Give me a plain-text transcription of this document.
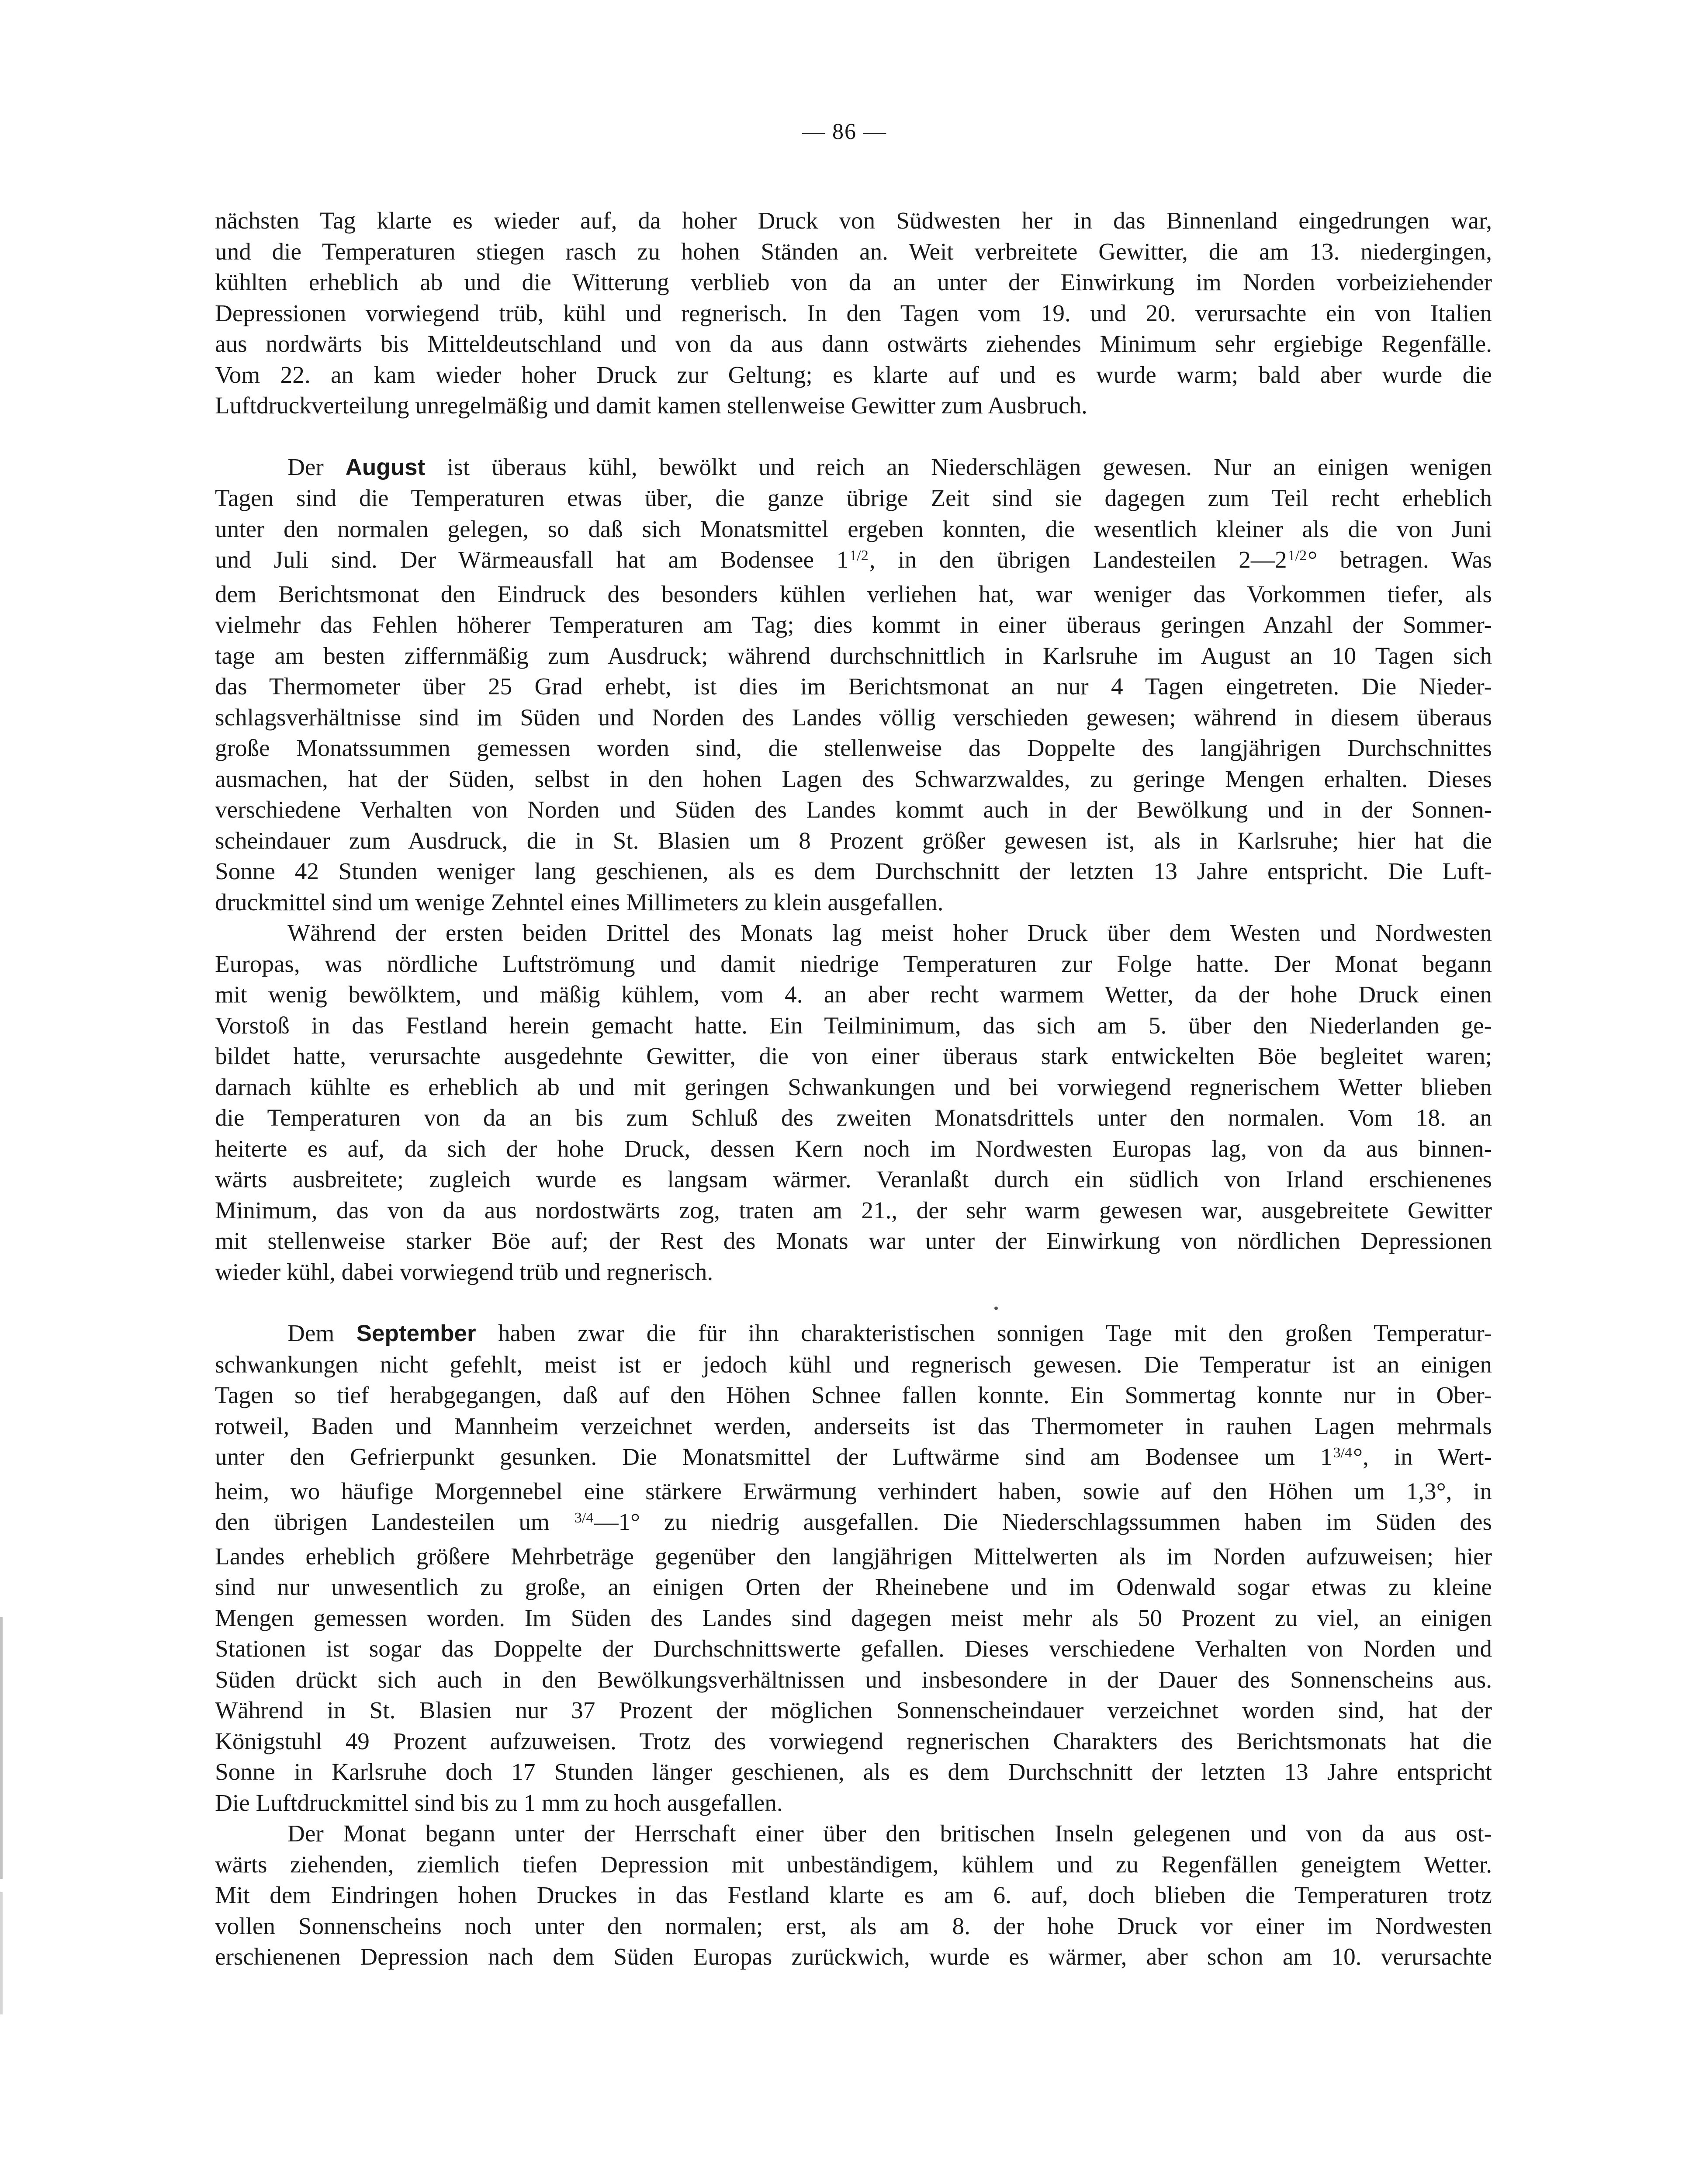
— 86 —
nächsten Tag klarte es wieder auf, da hoher Druck von Südwesten her in das Binnenland eingedrungen war,
und die Temperaturen stiegen rasch zu hohen Ständen an. Weit verbreitete Gewitter, die am 13. niedergingen,
kühlten erheblich ab und die Witterung verblieb von da an unter der Einwirkung im Norden vorbeiziehender
Depressionen vorwiegend trüb, kühl und regnerisch. In den Tagen vom 19. und 20. verursachte ein von Italien
aus nordwärts bis Mitteldeutschland und von da aus dann ostwärts ziehendes Minimum sehr ergiebige Regenfälle.
Vom 22. an kam wieder hoher Druck zur Geltung; es klarte auf und es wurde warm; bald aber wurde die
Luftdruckverteilung unregelmäßig und damit kamen stellenweise Gewitter zum Ausbruch.
Der August ist überaus kühl, bewölkt und reich an Niederschlägen gewesen. Nur an einigen wenigen
Tagen sind die Temperaturen etwas über, die ganze übrige Zeit sind sie dagegen zum Teil recht erheblich
unter den normalen gelegen, so daß sich Monatsmittel ergeben konnten, die wesentlich kleiner als die von Juni
und Juli sind. Der Wärmeausfall hat am Bodensee $1^{1/2}$, in den übrigen Landesteilen $2—2^{1/2}^\circ$ betragen. Was
dem Berichtsmonat den Eindruck des besonders kühlen verliehen hat, war weniger das Vorkommen tiefer, als
vielmehr das Fehlen höherer Temperaturen am Tag; dies kommt in einer überaus geringen Anzahl der Sommer-
tage am besten ziffernmäßig zum Ausdruck; während durchschnittlich in Karlsruhe im August an 10 Tagen sich
das Thermometer über 25 Grad erhebt, ist dies im Berichtsmonat an nur 4 Tagen eingetreten. Die Nieder-
schlagsverhältnisse sind im Süden und Norden des Landes völlig verschieden gewesen; während in diesem überaus
große Monatssummen gemessen worden sind, die stellenweise das Doppelte des langjährigen Durchschnittes
ausmachen, hat der Süden, selbst in den hohen Lagen des Schwarzwaldes, zu geringe Mengen erhalten. Dieses
verschiedene Verhalten von Norden und Süden des Landes kommt auch in der Bewölkung und in der Sonnen-
scheindauer zum Ausdruck, die in St. Blasien um 8 Prozent größer gewesen ist, als in Karlsruhe; hier hat die
Sonne 42 Stunden weniger lang geschienen, als es dem Durchschnitt der letzten 13 Jahre entspricht. Die Luft-
druckmittel sind um wenige Zehntel eines Millimeters zu klein ausgefallen.
Während der ersten beiden Drittel des Monats lag meist hoher Druck über dem Westen und Nordwesten
Europas, was nördliche Luftströmung und damit niedrige Temperaturen zur Folge hatte. Der Monat begann
mit wenig bewölktem, und mäßig kühlem, vom 4. an aber recht warmem Wetter, da der hohe Druck einen
Vorstoß in das Festland herein gemacht hatte. Ein Teilminimum, das sich am 5. über den Niederlanden ge-
bildet hatte, verursachte ausgedehnte Gewitter, die von einer überaus stark entwickelten Böe begleitet waren;
darnach kühlte es erheblich ab und mit geringen Schwankungen und bei vorwiegend regnerischem Wetter blieben
die Temperaturen von da an bis zum Schluß des zweiten Monatsdrittels unter den normalen. Vom 18. an
heiterte es auf, da sich der hohe Druck, dessen Kern noch im Nordwesten Europas lag, von da aus binnen-
wärts ausbreitete; zugleich wurde es langsam wärmer. Veranlaßt durch ein südlich von Irland erschienenes
Minimum, das von da aus nordostwärts zog, traten am 21., der sehr warm gewesen war, ausgebreitete Gewitter
mit stellenweise starker Böe auf; der Rest des Monats war unter der Einwirkung von nördlichen Depressionen
wieder kühl, dabei vorwiegend trüb und regnerisch.
Dem September haben zwar die für ihn charakteristischen sonnigen Tage mit den großen Temperatur-
schwankungen nicht gefehlt, meist ist er jedoch kühl und regnerisch gewesen. Die Temperatur ist an einigen
Tagen so tief herabgegangen, daß auf den Höhen Schnee fallen konnte. Ein Sommertag konnte nur in Ober-
rotweil, Baden und Mannheim verzeichnet werden, anderseits ist das Thermometer in rauhen Lagen mehrmals
unter den Gefrierpunkt gesunken. Die Monatsmittel der Luftwärme sind am Bodensee um $1^{3/4}^\circ$, in Wert-
heim, wo häufige Morgennebel eine stärkere Erwärmung verhindert haben, sowie auf den Höhen um 1,3°, in
den übrigen Landesteilen um $^{3/4}$—1° zu niedrig ausgefallen. Die Niederschlagssummen haben im Süden des
Landes erheblich größere Mehrbeträge gegenüber den langjährigen Mittelwerten als im Norden aufzuweisen; hier
sind nur unwesentlich zu große, an einigen Orten der Rheinebene und im Odenwald sogar etwas zu kleine
Mengen gemessen worden. Im Süden des Landes sind dagegen meist mehr als 50 Prozent zu viel, an einigen
Stationen ist sogar das Doppelte der Durchschnittswerte gefallen. Dieses verschiedene Verhalten von Norden und
Süden drückt sich auch in den Bewölkungsverhältnissen und insbesondere in der Dauer des Sonnenscheins aus.
Während in St. Blasien nur 37 Prozent der möglichen Sonnenscheindauer verzeichnet worden sind, hat der
Königstuhl 49 Prozent aufzuweisen. Trotz des vorwiegend regnerischen Charakters des Berichtsmonats hat die
Sonne in Karlsruhe doch 17 Stunden länger geschienen, als es dem Durchschnitt der letzten 13 Jahre entspricht
Die Luftdruckmittel sind bis zu 1 mm zu hoch ausgefallen.
Der Monat begann unter der Herrschaft einer über den britischen Inseln gelegenen und von da aus ost-
wärts ziehenden, ziemlich tiefen Depression mit unbeständigem, kühlem und zu Regenfällen geneigtem Wetter.
Mit dem Eindringen hohen Druckes in das Festland klarte es am 6. auf, doch blieben die Temperaturen trotz
vollen Sonnenscheins noch unter den normalen; erst, als am 8. der hohe Druck vor einer im Nordwesten
erschienenen Depression nach dem Süden Europas zurückwich, wurde es wärmer, aber schon am 10. verursachte
